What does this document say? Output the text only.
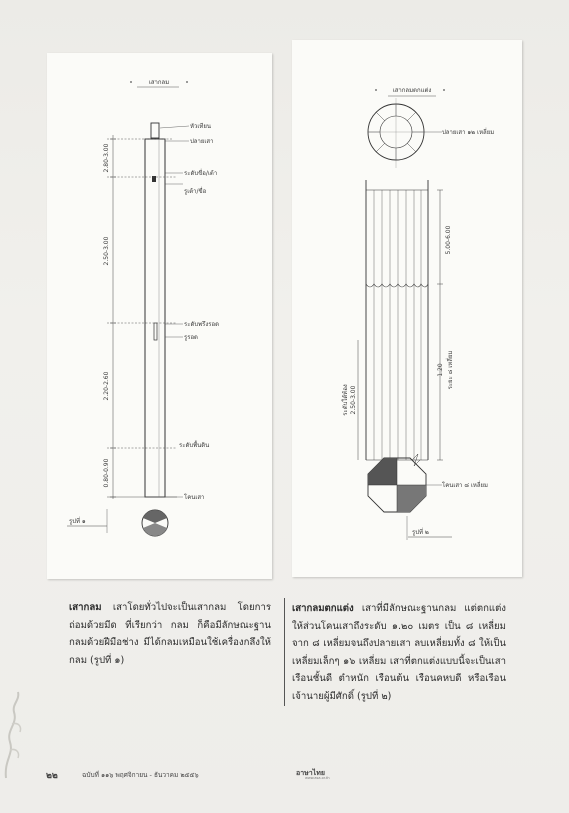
เสากลม
2.80-3.00
2.50-3.00
2.20-2.60
0.80-0.90
หัวเทียน
ปลายเสา
ระดับขื่อ/เต้า
รูเต้า/ขื่อ
ระดับพรึงรอด
รูรอด
ระดับพื้นดิน
โคนเสา
รูปที่ ๑
เสากลมตกแต่ง
ปลายเสา ๑๒ เหลี่ยม
5.00-6.00
1.20 ระยะ ๘ เหลี่ยม
ระดับใต้ท้อง 2.50-3.00
โคนเสา ๘ เหลี่ยม
รูปที่ ๒
เสากลม เสาโดยทั่วไปจะเป็นเสากลม โดยการถ่อมด้วยมีด ที่เรียกว่า กลม ก็คือมีลักษณะฐานกลมด้วยฝีมือช่าง มีได้กลมเหมือนใช้เครื่องกลึงให้กลม (รูปที่ ๑)
เสากลมตกแต่ง เสาที่มีลักษณะฐานกลม แต่ตกแต่งให้ส่วนโคนเสาถึงระดับ ๑.๒๐ เมตร เป็น ๘ เหลี่ยม จาก ๘ เหลี่ยมจนถึงปลายเสา ลบเหลี่ยมทั้ง ๘ ให้เป็นเหลี่ยมเล็กๆ ๑๖ เหลี่ยม เสาที่ตกแต่งแบบนี้จะเป็นเสาเรือนชั้นดี ตำหนัก เรือนต้น เรือนคหบดี หรือเรือนเจ้านายผู้มีศักดิ์ (รูปที่ ๒)
๒๒	ฉบับที่ ๑๑๖ พฤศจิกายน - ธันวาคม ๒๕๕๖	อาษาไทย
www.asa.or.th
